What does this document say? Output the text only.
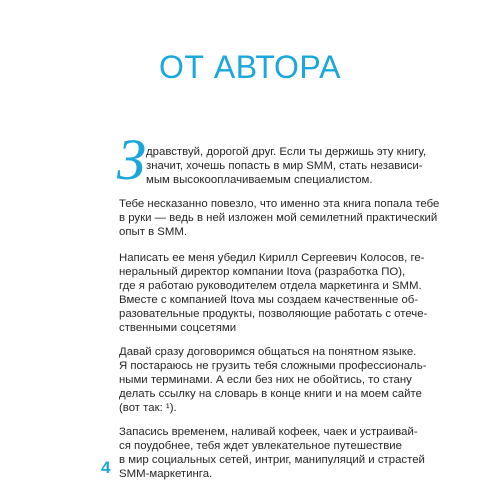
ОТ АВТОРА
З дравствуй, дорогой друг. Если ты держишь эту книгу,
значит, хочешь попасть в мир SMM, стать независи-
мым высокооплачиваемым специалистом.
Тебе несказанно повезло, что именно эта книга попала тебе
в руки — ведь в ней изложен мой семилетний практический
опыт в SMM.
Написать ее меня убедил Кирилл Сергеевич Колосов, ге-
неральный директор компании Itova (разработка ПО),
где я работаю руководителем отдела маркетинга и SMM.
Вместе с компанией Itova мы создаем качественные об-
разовательные продукты, позволяющие работать с отече-
ственными соцсетями
Давай сразу договоримся общаться на понятном языке.
Я постараюсь не грузить тебя сложными профессиональ-
ными терминами. А если без них не обойтись, то стану
делать ссылку на словарь в конце книги и на моем сайте
(вот так: ¹).
Запасись временем, наливай кофеек, чаек и устраивай-
ся поудобнее, тебя ждет увлекательное путешествие
в мир социальных сетей, интриг, манипуляций и страстей
SMM-маркетинга.
4
